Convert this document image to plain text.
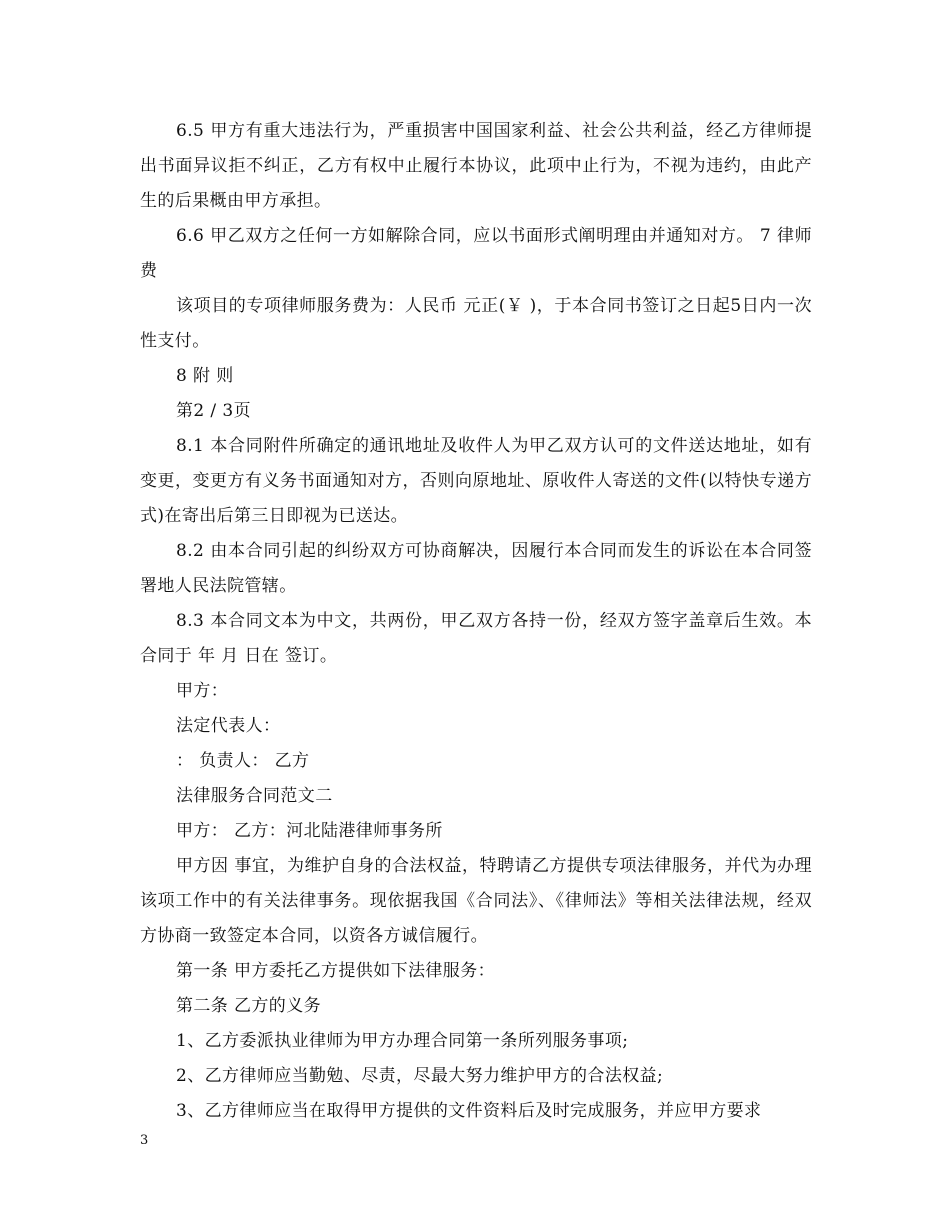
6.5 甲方有重大违法行为，严重损害中国国家利益、社会公共利益，经乙方律师提出书面异议拒不纠正，乙方有权中止履行本协议，此项中止行为，不视为违约，由此产生的后果概由甲方承担。

6.6 甲乙双方之任何一方如解除合同，应以书面形式阐明理由并通知对方。 7 律师费

该项目的专项律师服务费为：人民币 元正(￥ )，于本合同书签订之日起5日内一次性支付。

8 附 则

第2 / 3页

8.1 本合同附件所确定的通讯地址及收件人为甲乙双方认可的文件送达地址，如有变更，变更方有义务书面通知对方，否则向原地址、原收件人寄送的文件(以特快专递方式)在寄出后第三日即视为已送达。

8.2 由本合同引起的纠纷双方可协商解决，因履行本合同而发生的诉讼在本合同签署地人民法院管辖。

8.3 本合同文本为中文，共两份，甲乙双方各持一份，经双方签字盖章后生效。本合同于 年 月 日在 签订。

甲方：

法定代表人：

： 负责人： 乙方

法律服务合同范文二

甲方： 乙方：河北陆港律师事务所

甲方因 事宜，为维护自身的合法权益，特聘请乙方提供专项法律服务，并代为办理该项工作中的有关法律事务。现依据我国《合同法》、《律师法》等相关法律法规，经双方协商一致签定本合同，以资各方诚信履行。

第一条 甲方委托乙方提供如下法律服务：

第二条 乙方的义务

1、乙方委派执业律师为甲方办理合同第一条所列服务事项;

2、乙方律师应当勤勉、尽责，尽最大努力维护甲方的合法权益;

3、乙方律师应当在取得甲方提供的文件资料后及时完成服务，并应甲方要求

3
